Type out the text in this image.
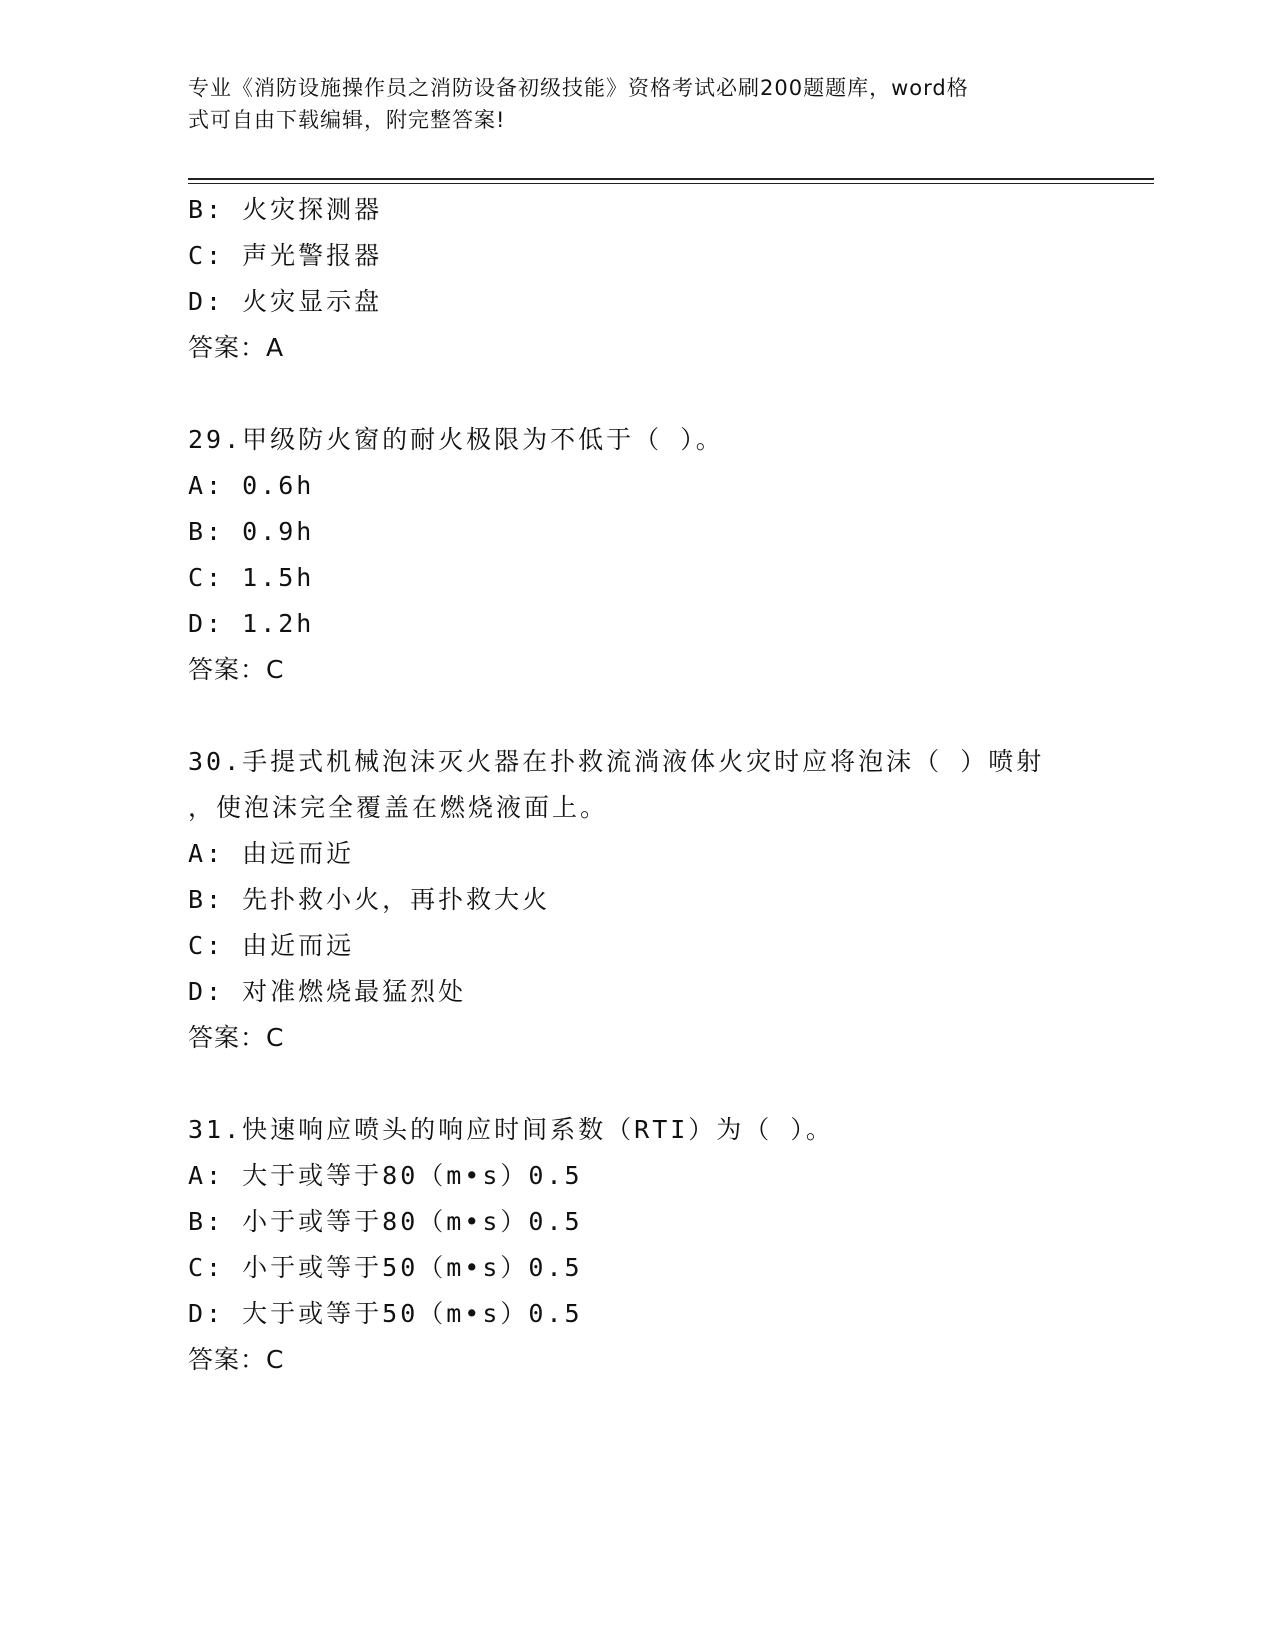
专业《消防设施操作员之消防设备初级技能》资格考试必刷200题题库，word格
式可自由下载编辑，附完整答案!
B: 火灾探测器
C: 声光警报器
D: 火灾显示盘
答案：A
29.甲级防火窗的耐火极限为不低于（ ）。
A: 0.6h
B: 0.9h
C: 1.5h
D: 1.2h
答案：C
30.手提式机械泡沫灭火器在扑救流淌液体火灾时应将泡沫（ ）喷射
，使泡沫完全覆盖在燃烧液面上。
A: 由远而近
B: 先扑救小火，再扑救大火
C: 由近而远
D: 对准燃烧最猛烈处
答案：C
31.快速响应喷头的响应时间系数（RTI）为（ ）。
A: 大于或等于80（m•s）0.5
B: 小于或等于80（m•s）0.5
C: 小于或等于50（m•s）0.5
D: 大于或等于50（m•s）0.5
答案：C
